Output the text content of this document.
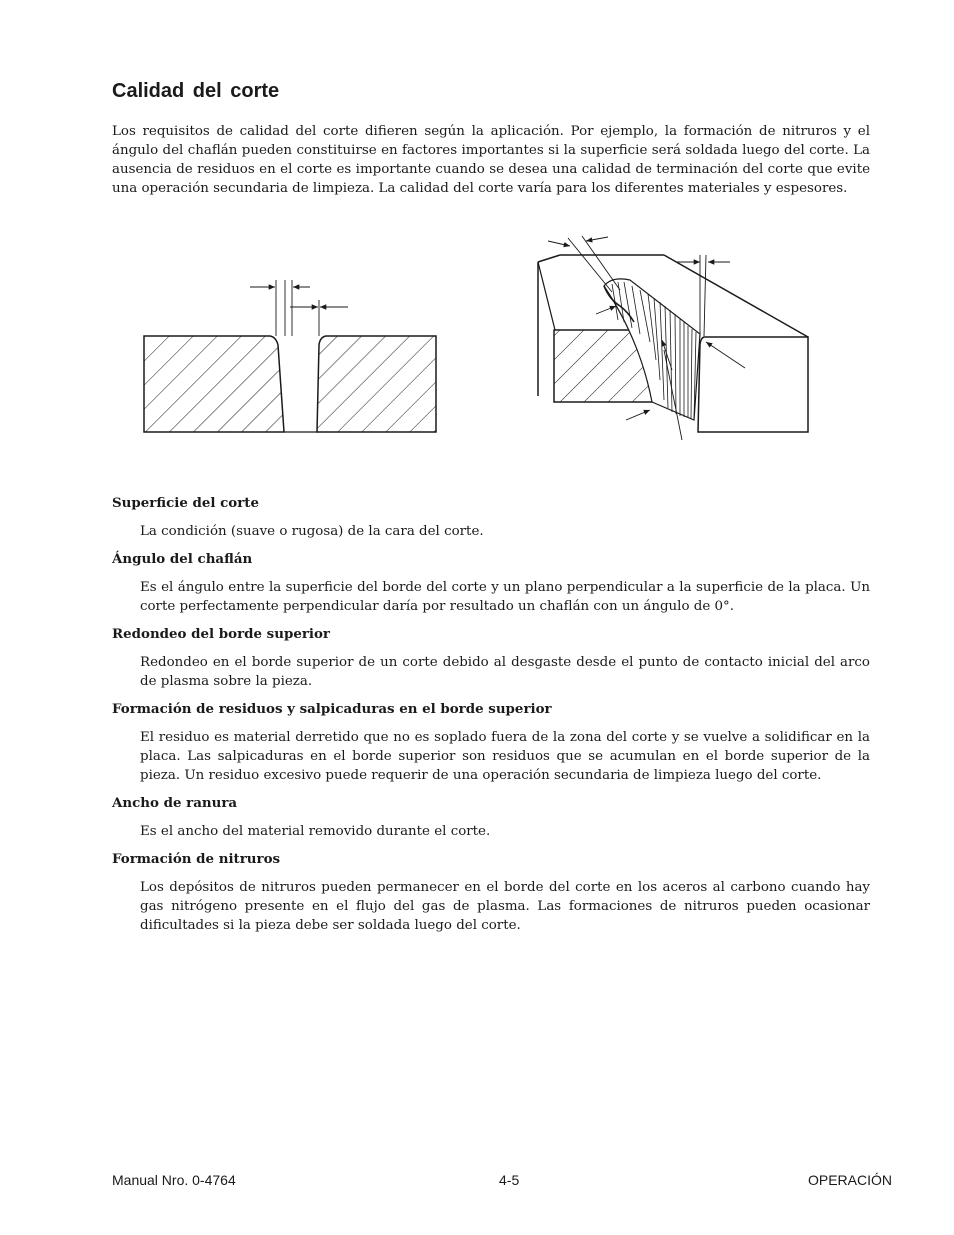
Calidad del corte

Los requisitos de calidad del corte difieren según la aplicación. Por ejemplo, la formación de nitruros y el ángulo del chaflán pueden constituirse en factores importantes si la superficie será soldada luego del corte. La ausencia de residuos en el corte es importante cuando se desea una calidad de terminación del corte que evite una operación secundaria de limpieza. La calidad del corte varía para los diferentes materiales y espesores.

Superficie del corte

La condición (suave o rugosa) de la cara del corte.

Ángulo del chaflán

Es el ángulo entre la superficie del borde del corte y un plano perpendicular a la superficie de la placa. Un corte perfectamente perpendicular daría por resultado un chaflán con un ángulo de 0°.

Redondeo del borde superior

Redondeo en el borde superior de un corte debido al desgaste desde el punto de contacto inicial del arco de plasma sobre la pieza.

Formación de residuos y salpicaduras en el borde superior

El residuo es material derretido que no es soplado fuera de la zona del corte y se vuelve a solidificar en la placa. Las salpicaduras en el borde superior son residuos que se acumulan en el borde superior de la pieza. Un residuo excesivo puede requerir de una operación secundaria de limpieza luego del corte.

Ancho de ranura

Es el ancho del material removido durante el corte.

Formación de nitruros

Los depósitos de nitruros pueden permanecer en el borde del corte en los aceros al carbono cuando hay gas nitrógeno presente en el flujo del gas de plasma. Las formaciones de nitruros pueden ocasionar dificultades si la pieza debe ser soldada luego del corte.

Manual Nro. 0-4764	4-5	OPERACIÓN
